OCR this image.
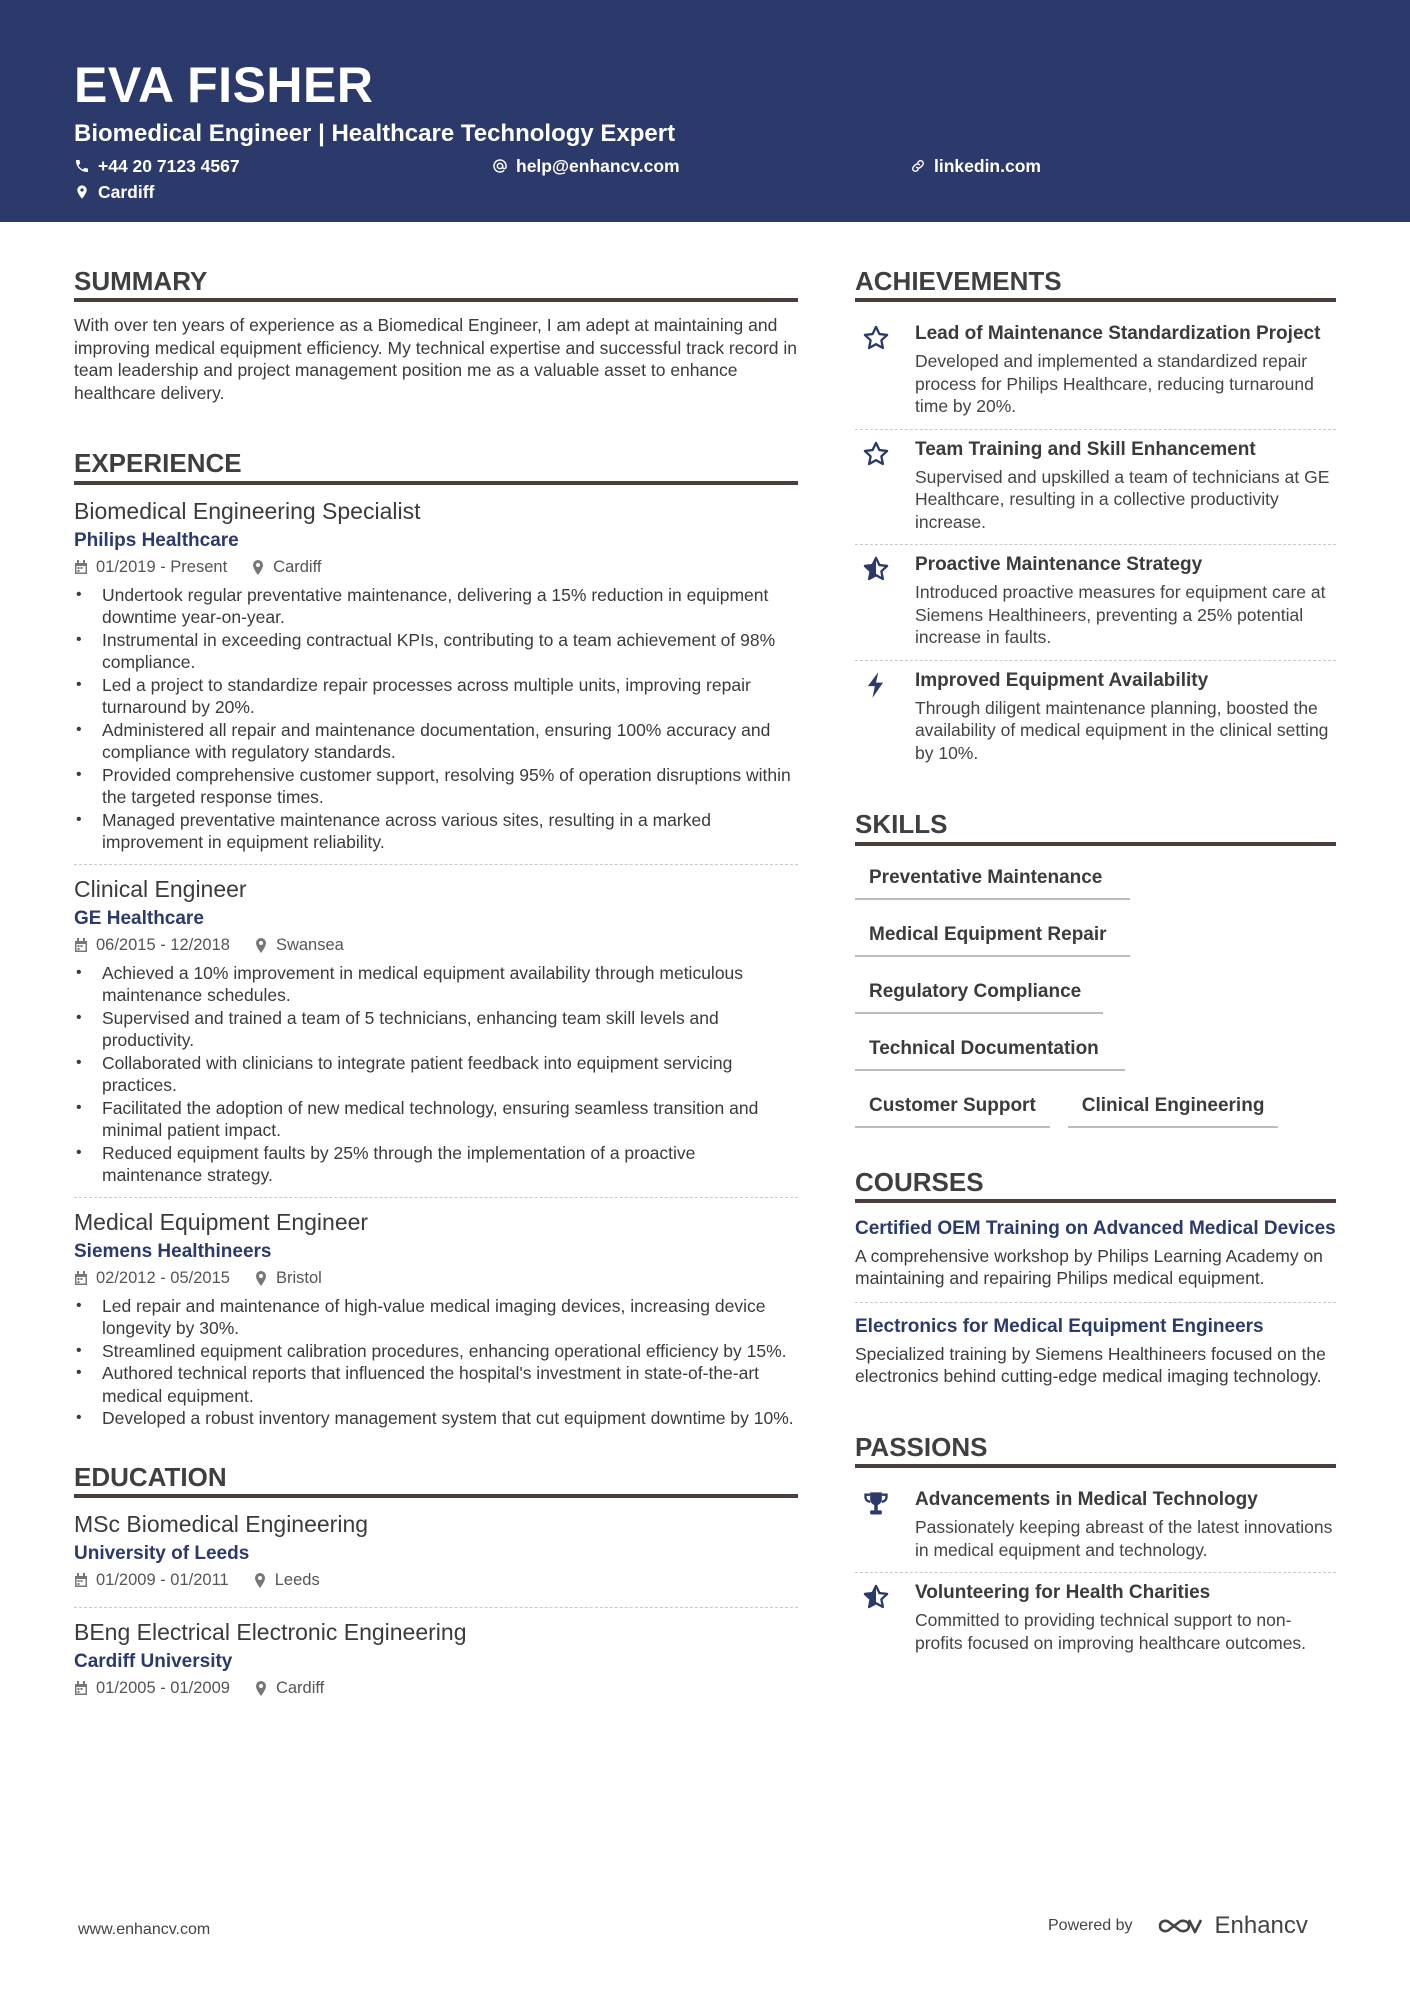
EVA FISHER
Biomedical Engineer | Healthcare Technology Expert
+44 20 7123 4567	help@enhancv.com	linkedin.com
Cardiff
SUMMARY
With over ten years of experience as a Biomedical Engineer, I am adept at maintaining and improving medical equipment efficiency. My technical expertise and successful track record in team leadership and project management position me as a valuable asset to enhance healthcare delivery.
EXPERIENCE
Biomedical Engineering Specialist
Philips Healthcare
01/2019 - Present	Cardiff
• Undertook regular preventative maintenance, delivering a 15% reduction in equipment downtime year-on-year.
• Instrumental in exceeding contractual KPIs, contributing to a team achievement of 98% compliance.
• Led a project to standardize repair processes across multiple units, improving repair turnaround by 20%.
• Administered all repair and maintenance documentation, ensuring 100% accuracy and compliance with regulatory standards.
• Provided comprehensive customer support, resolving 95% of operation disruptions within the targeted response times.
• Managed preventative maintenance across various sites, resulting in a marked improvement in equipment reliability.
Clinical Engineer
GE Healthcare
06/2015 - 12/2018	Swansea
• Achieved a 10% improvement in medical equipment availability through meticulous maintenance schedules.
• Supervised and trained a team of 5 technicians, enhancing team skill levels and productivity.
• Collaborated with clinicians to integrate patient feedback into equipment servicing practices.
• Facilitated the adoption of new medical technology, ensuring seamless transition and minimal patient impact.
• Reduced equipment faults by 25% through the implementation of a proactive maintenance strategy.
Medical Equipment Engineer
Siemens Healthineers
02/2012 - 05/2015	Bristol
• Led repair and maintenance of high-value medical imaging devices, increasing device longevity by 30%.
• Streamlined equipment calibration procedures, enhancing operational efficiency by 15%.
• Authored technical reports that influenced the hospital's investment in state-of-the-art medical equipment.
• Developed a robust inventory management system that cut equipment downtime by 10%.
EDUCATION
MSc Biomedical Engineering
University of Leeds
01/2009 - 01/2011	Leeds
BEng Electrical Electronic Engineering
Cardiff University
01/2005 - 01/2009	Cardiff
ACHIEVEMENTS
Lead of Maintenance Standardization Project
Developed and implemented a standardized repair process for Philips Healthcare, reducing turnaround time by 20%.
Team Training and Skill Enhancement
Supervised and upskilled a team of technicians at GE Healthcare, resulting in a collective productivity increase.
Proactive Maintenance Strategy
Introduced proactive measures for equipment care at Siemens Healthineers, preventing a 25% potential increase in faults.
Improved Equipment Availability
Through diligent maintenance planning, boosted the availability of medical equipment in the clinical setting by 10%.
SKILLS
Preventative Maintenance
Medical Equipment Repair
Regulatory Compliance
Technical Documentation
Customer Support	Clinical Engineering
COURSES
Certified OEM Training on Advanced Medical Devices
A comprehensive workshop by Philips Learning Academy on maintaining and repairing Philips medical equipment.
Electronics for Medical Equipment Engineers
Specialized training by Siemens Healthineers focused on the electronics behind cutting-edge medical imaging technology.
PASSIONS
Advancements in Medical Technology
Passionately keeping abreast of the latest innovations in medical equipment and technology.
Volunteering for Health Charities
Committed to providing technical support to non-profits focused on improving healthcare outcomes.
www.enhancv.com	Powered by	Enhancv
